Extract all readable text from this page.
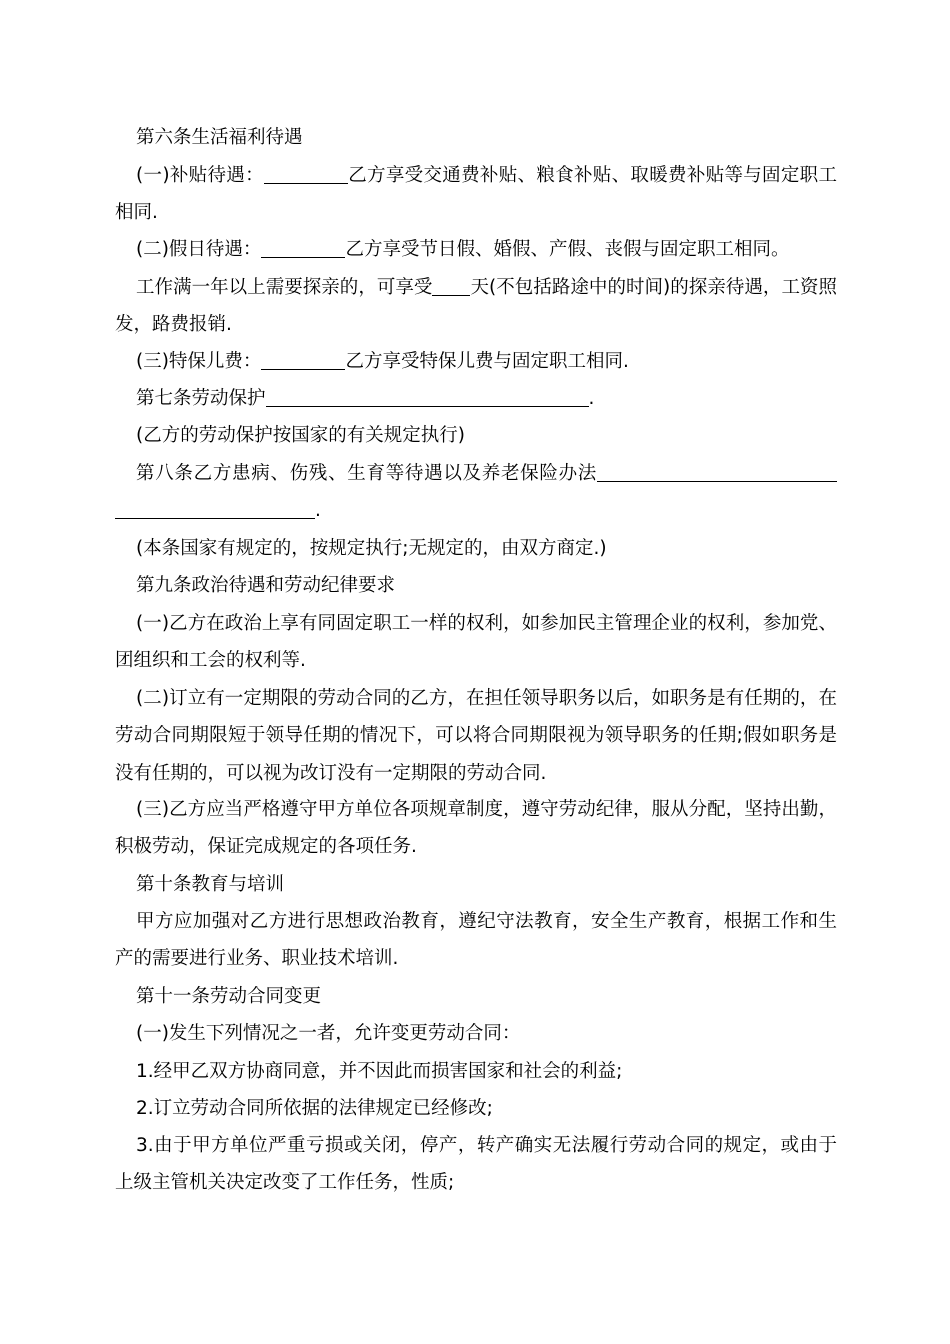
第六条生活福利待遇

(一)补贴待遇：	乙方享受交通费补贴、粮食补贴、取暖费补贴等与固定职工相同.

(二)假日待遇：	乙方享受节日假、婚假、产假、丧假与固定职工相同。

工作满一年以上需要探亲的，可享受 天(不包括路途中的时间)的探亲待遇，工资照发，路费报销.

(三)特保儿费：	乙方享受特保儿费与固定职工相同.

第七条劳动保护	.

(乙方的劳动保护按国家的有关规定执行)

第八条乙方患病、伤残、生育等待遇以及养老保险办法.

(本条国家有规定的，按规定执行;无规定的，由双方商定.)

第九条政治待遇和劳动纪律要求

(一)乙方在政治上享有同固定职工一样的权利，如参加民主管理企业的权利，参加党、团组织和工会的权利等.

(二)订立有一定期限的劳动合同的乙方，在担任领导职务以后，如职务是有任期的，在劳动合同期限短于领导任期的情况下，可以将合同期限视为领导职务的任期;假如职务是没有任期的，可以视为改订没有一定期限的劳动合同.

(三)乙方应当严格遵守甲方单位各项规章制度，遵守劳动纪律，服从分配，坚持出勤，积极劳动，保证完成规定的各项任务.

第十条教育与培训

甲方应加强对乙方进行思想政治教育，遵纪守法教育，安全生产教育，根据工作和生产的需要进行业务、职业技术培训.

第十一条劳动合同变更

(一)发生下列情况之一者，允许变更劳动合同：

1.经甲乙双方协商同意，并不因此而损害国家和社会的利益;

2.订立劳动合同所依据的法律规定已经修改;

3.由于甲方单位严重亏损或关闭，停产，转产确实无法履行劳动合同的规定，或由于上级主管机关决定改变了工作任务，性质;
